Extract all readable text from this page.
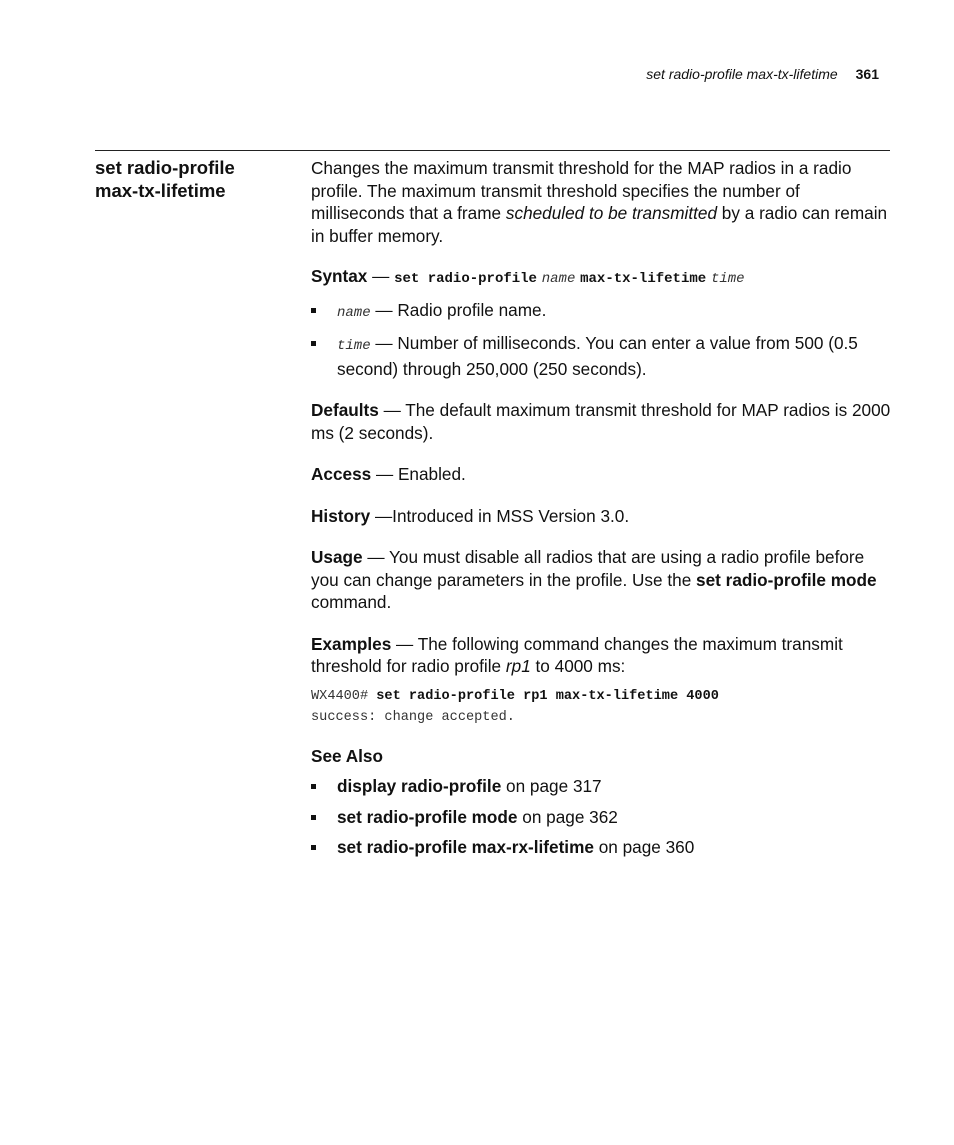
set radio-profile max-tx-lifetime 361
set radio-profile
max-tx-lifetime

Changes the maximum transmit threshold for the MAP radios in a radio profile. The maximum transmit threshold specifies the number of milliseconds that a frame scheduled to be transmitted by a radio can remain in buffer memory.

Syntax — set radio-profile name max-tx-lifetime time

name — Radio profile name.
time — Number of milliseconds. You can enter a value from 500 (0.5 second) through 250,000 (250 seconds).

Defaults — The default maximum transmit threshold for MAP radios is 2000 ms (2 seconds).

Access — Enabled.

History —Introduced in MSS Version 3.0.

Usage — You must disable all radios that are using a radio profile before you can change parameters in the profile. Use the set radio-profile mode command.

Examples — The following command changes the maximum transmit threshold for radio profile rp1 to 4000 ms:

WX4400# set radio-profile rp1 max-tx-lifetime 4000
success: change accepted.

See Also

display radio-profile on page 317
set radio-profile mode on page 362
set radio-profile max-rx-lifetime on page 360
